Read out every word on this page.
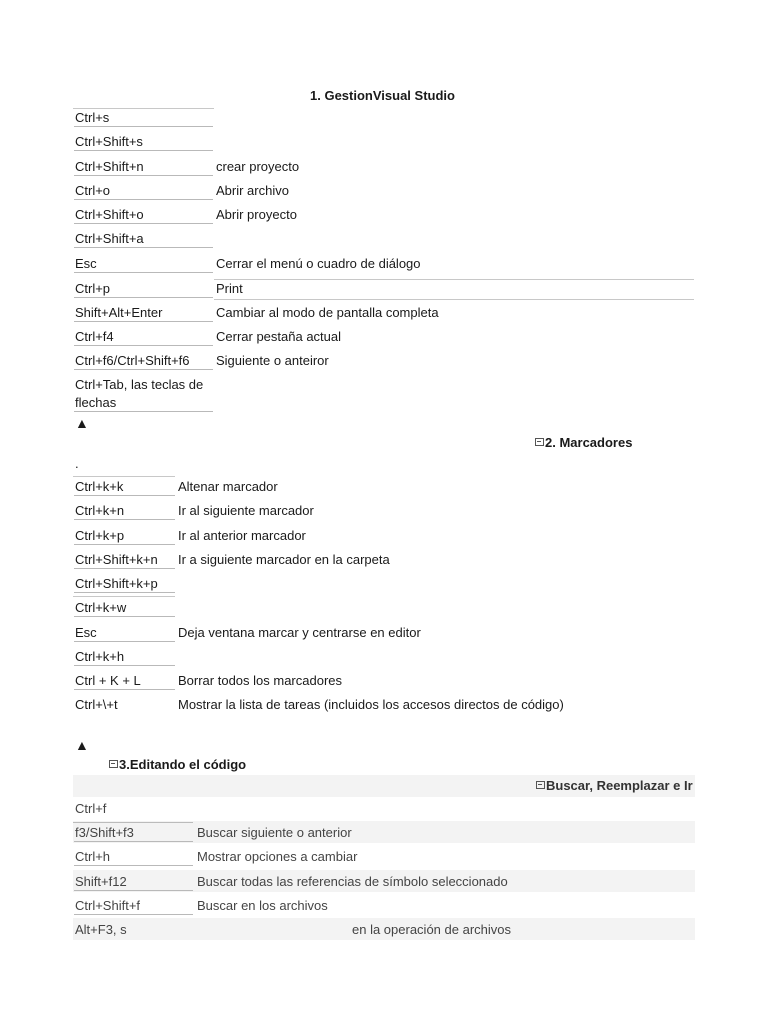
1. GestionVisual Studio
Ctrl+s
Ctrl+Shift+s
Ctrl+Shift+n	crear proyecto
Ctrl+o	Abrir archivo
Ctrl+Shift+o	Abrir proyecto
Ctrl+Shift+a
Esc	Cerrar el menú o cuadro de diálogo
Ctrl+p	Print
Shift+Alt+Enter	Cambiar al modo de pantalla completa
Ctrl+f4	Cerrar pestaña actual
Ctrl+f6/Ctrl+Shift+f6	Siguiente o anteiror
Ctrl+Tab, las teclas de
flechas
▲
2. Marcadores
.
Ctrl+k+k	Altenar marcador
Ctrl+k+n	Ir al siguiente marcador
Ctrl+k+p	Ir al anterior marcador
Ctrl+Shift+k+n	Ir a siguiente marcador en la carpeta
Ctrl+Shift+k+p
Ctrl+k+w
Esc	Deja ventana marcar y centrarse en editor
Ctrl+k+h
Ctrl + K + L	Borrar todos los marcadores
Ctrl+\+t	Mostrar la lista de tareas (incluidos los accesos directos de código)
▲
3.Editando el código
Buscar, Reemplazar e Ir
Ctrl+f
f3/Shift+f3	Buscar siguiente o anterior
Ctrl+h	Mostrar opciones a cambiar
Shift+f12	Buscar todas las referencias de símbolo seleccionado
Ctrl+Shift+f	Buscar en los archivos
Alt+F3, s	en la operación de archivos
